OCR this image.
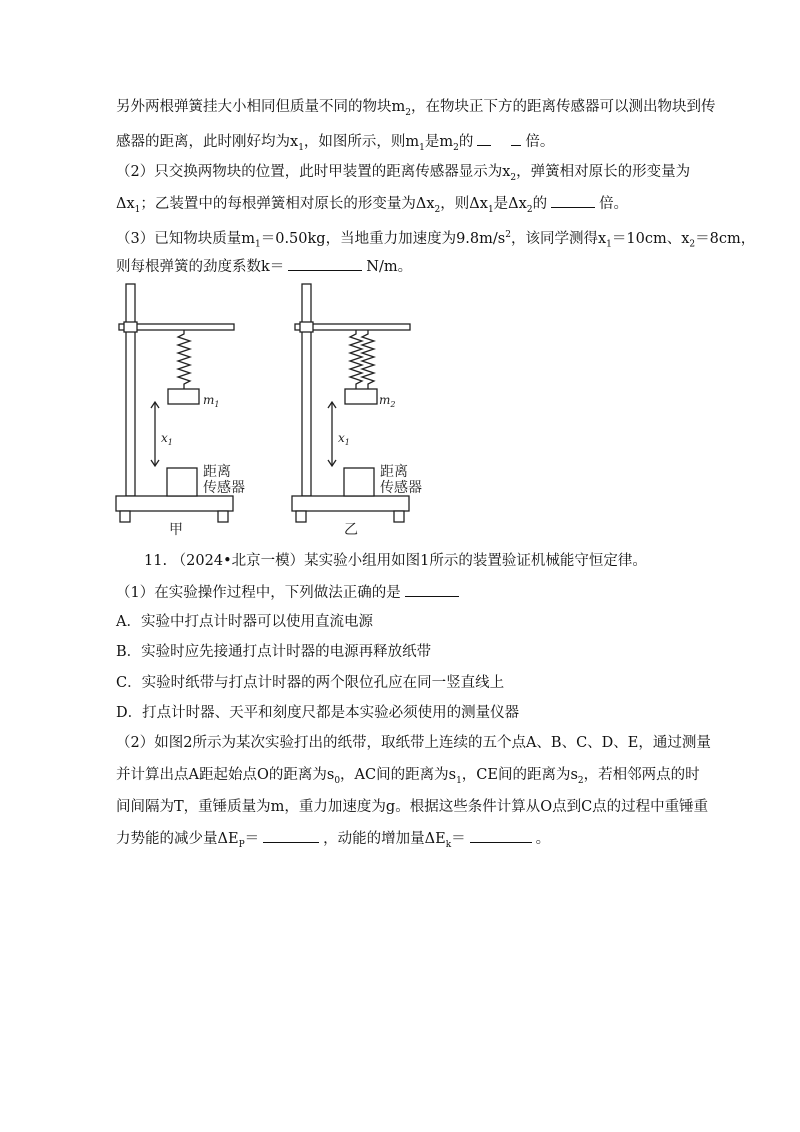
另外两根弹簧挂大小相同但质量不同的物块$m_2$，在物块正下方的距离传感器可以测出物块到传
感器的距离，此时刚好均为$x_1$，如图所示，则$m_1$是$m_2$的	倍。
（2）只交换两物块的位置，此时甲装置的距离传感器显示为$x_2$，弹簧相对原长的形变量为
$\Delta x_1$；乙装置中的每根弹簧相对原长的形变量为$\Delta x_2$，则$\Delta x_1$是$\Delta x_2$的	倍。
（3）已知物块质量$m_1=0.50kg$，当地重力加速度为$9.8m/s^2$，该同学测得$x_1=10cm$、$x_2=8cm$，
则每根弹簧的劲度系数k＝	N/m。
$m_1$
$x_1$
距离
传感器
甲
$m_2$
$x_1$
距离
传感器
乙
11. （2024•北京一模）某实验小组用如图1所示的装置验证机械能守恒定律。
（1）在实验操作过程中，下列做法正确的是
A．实验中打点计时器可以使用直流电源
B．实验时应先接通打点计时器的电源再释放纸带
C．实验时纸带与打点计时器的两个限位孔应在同一竖直线上
D．打点计时器、天平和刻度尺都是本实验必须使用的测量仪器
（2）如图2所示为某次实验打出的纸带，取纸带上连续的五个点A、B、C、D、E，通过测量
并计算出点A距起始点O的距离为$s_0$，AC间的距离为$s_1$，CE间的距离为$s_2$，若相邻两点的时
间间隔为T，重锤质量为m，重力加速度为g。根据这些条件计算从O点到C点的过程中重锤重
力势能的减少量$\Delta E_P=$	，动能的增加量$\Delta E_k=$	。
